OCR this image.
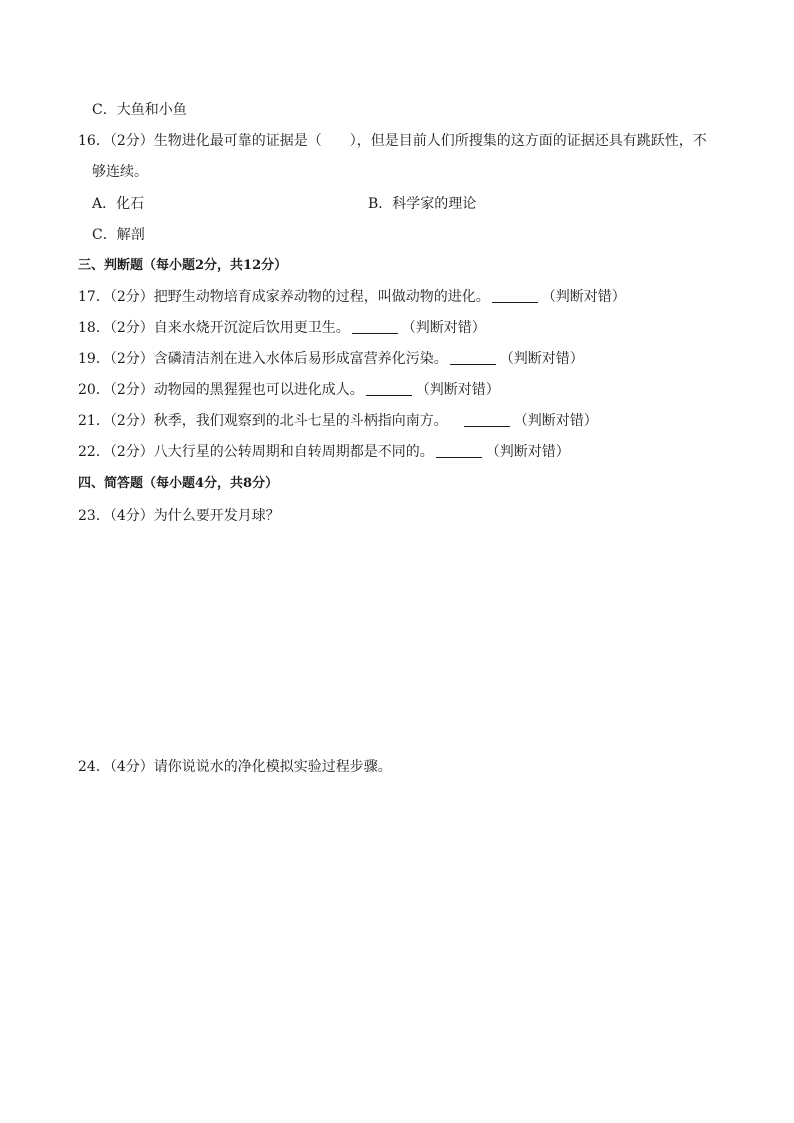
C．大鱼和小鱼
16．（2分）生物进化最可靠的证据是（　　），但是目前人们所搜集的这方面的证据还具有跳跃性，不
够连续。
A．化石	B．科学家的理论
C．解剖
三、判断题（每小题2分，共12分）
17．（2分）把野生动物培育成家养动物的过程，叫做动物的进化。	（判断对错）
18．（2分）自来水烧开沉淀后饮用更卫生。	（判断对错）
19．（2分）含磷清洁剂在进入水体后易形成富营养化污染。	（判断对错）
20．（2分）动物园的黑猩猩也可以进化成人。	（判断对错）
21．（2分）秋季，我们观察到的北斗七星的斗柄指向南方。	（判断对错）
22．（2分）八大行星的公转周期和自转周期都是不同的。	（判断对错）
四、简答题（每小题4分，共8分）
23．（4分）为什么要开发月球？
24．（4分）请你说说水的净化模拟实验过程步骤。
